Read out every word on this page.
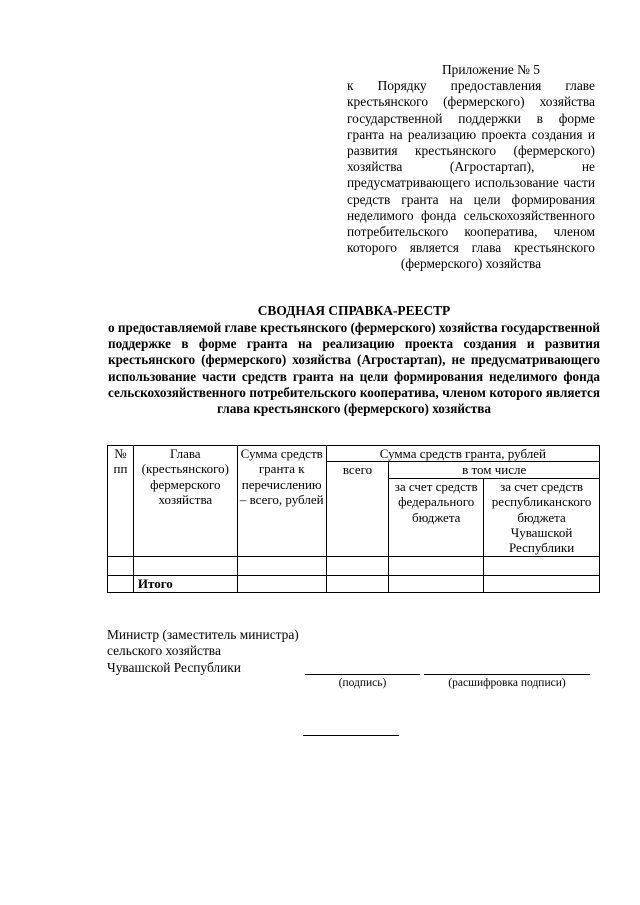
Приложение № 5
к Порядку предоставления главе крестьянского (фермерского) хозяйства государственной поддержки в форме гранта на реализацию проекта создания и развития крестьянского (фермерского) хозяйства (Агростартап), не предусматривающего использование части средств гранта на цели формирования неделимого фонда сельскохозяйственного потребительского кооператива, членом которого является глава крестьянского (фермерского) хозяйства
СВОДНАЯ СПРАВКА-РЕЕСТР
о предоставляемой главе крестьянского (фермерского) хозяйства государственной поддержке в форме гранта на реализацию проекта создания и развития крестьянского (фермерского) хозяйства (Агростартап), не предусматривающего использование части средств гранта на цели формирования неделимого фонда сельскохозяйственного потребительского кооператива, членом которого является глава крестьянского (фермерского) хозяйства
№ пп	Глава (крестьянского) фермерского хозяйства	Сумма средств гранта к перечислению – всего, рублей	Сумма средств гранта, рублей		
			всего	в том числе	
				за счет средств федерального бюджета	за счет средств республиканского бюджета Чувашской Республики

	Итого				
Министр (заместитель министра)
сельского хозяйства
Чувашской Республики
(подпись)	(расшифровка подписи)
